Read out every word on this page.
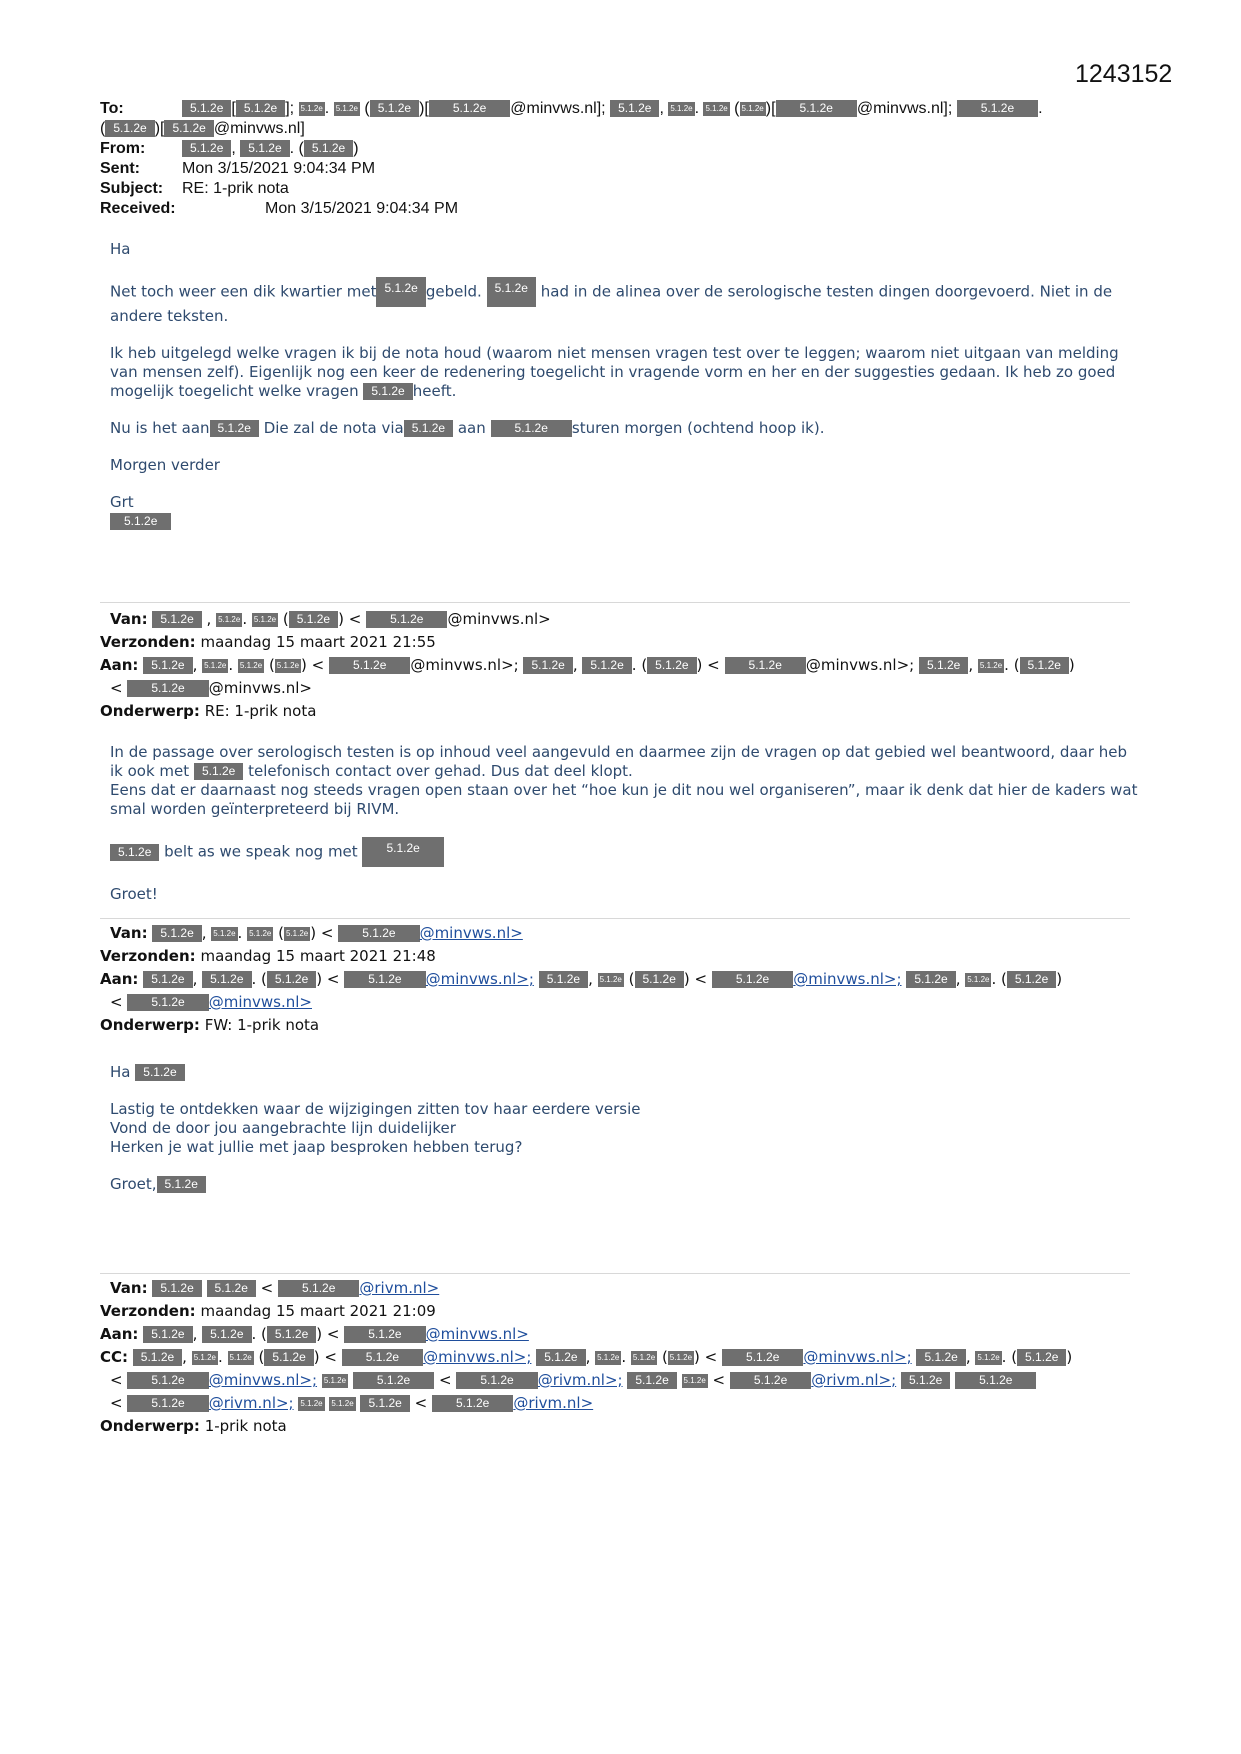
1243152
To:	5.1.2e [ 5.1.2e ]; 5.1.2e . 5.1.2e ( 5.1.2e )[ 5.1.2e @minvws.nl]; 5.1.2e , 5.1.2e . 5.1.2e ( 5.1.2e )[ 5.1.2e @minvws.nl]; 5.1.2e .
( 5.1.2e )[ 5.1.2e @minvws.nl]
From:	5.1.2e , 5.1.2e . ( 5.1.2e )
Sent:	Mon 3/15/2021 9:04:34 PM
Subject: RE: 1-prik nota
Received:	Mon 3/15/2021 9:04:34 PM

Ha

Net toch weer een dik kwartier met 5.1.2e gebeld. 5.1.2e had in de alinea over de serologische testen dingen doorgevoerd. Niet in de andere teksten.

Ik heb uitgelegd welke vragen ik bij de nota houd (waarom niet mensen vragen test over te leggen; waarom niet uitgaan van melding van mensen zelf). Eigenlijk nog een keer de redenering toegelicht in vragende vorm en her en der suggesties gedaan. Ik heb zo goed mogelijk toegelicht welke vragen 5.1.2e heeft.

Nu is het aan 5.1.2e Die zal de nota via 5.1.2e aan 5.1.2e sturen morgen (ochtend hoop ik).

Morgen verder

Grt
5.1.2e

Van: 5.1.2e , 5.1.2e . 5.1.2e ( 5.1.2e ) < 5.1.2e @minvws.nl>
Verzonden: maandag 15 maart 2021 21:55
Aan: 5.1.2e , 5.1.2e . 5.1.2e ( 5.1.2e ) < 5.1.2e @minvws.nl>; 5.1.2e , 5.1.2e . ( 5.1.2e ) < 5.1.2e @minvws.nl>; 5.1.2e , 5.1.2e . ( 5.1.2e )
< 5.1.2e @minvws.nl>
Onderwerp: RE: 1-prik nota

In de passage over serologisch testen is op inhoud veel aangevuld en daarmee zijn de vragen op dat gebied wel beantwoord, daar heb ik ook met 5.1.2e telefonisch contact over gehad. Dus dat deel klopt.
Eens dat er daarnaast nog steeds vragen open staan over het “hoe kun je dit nou wel organiseren”, maar ik denk dat hier de kaders wat smal worden geïnterpreteerd bij RIVM.

5.1.2e belt as we speak nog met 5.1.2e

Groet!

Van: 5.1.2e , 5.1.2e . 5.1.2e ( 5.1.2e ) < 5.1.2e @minvws.nl>
Verzonden: maandag 15 maart 2021 21:48
Aan: 5.1.2e , 5.1.2e . ( 5.1.2e ) < 5.1.2e @minvws.nl>; 5.1.2e , 5.1.2e ( 5.1.2e ) < 5.1.2e @minvws.nl>; 5.1.2e , 5.1.2e . ( 5.1.2e )
< 5.1.2e @minvws.nl>
Onderwerp: FW: 1-prik nota

Ha 5.1.2e

Lastig te ontdekken waar de wijzigingen zitten tov haar eerdere versie
Vond de door jou aangebrachte lijn duidelijker
Herken je wat jullie met jaap besproken hebben terug?

Groet, 5.1.2e

Van: 5.1.2e 5.1.2e < 5.1.2e @rivm.nl>
Verzonden: maandag 15 maart 2021 21:09
Aan: 5.1.2e , 5.1.2e . ( 5.1.2e ) < 5.1.2e @minvws.nl>
CC: 5.1.2e , 5.1.2e . 5.1.2e ( 5.1.2e ) < 5.1.2e @minvws.nl>; 5.1.2e , 5.1.2e . 5.1.2e ( 5.1.2e ) < 5.1.2e @minvws.nl>; 5.1.2e , 5.1.2e . ( 5.1.2e )
< 5.1.2e @minvws.nl>; 5.1.2e	5.1.2e < 5.1.2e @rivm.nl>; 5.1.2e 5.1.2e < 5.1.2e @rivm.nl>; 5.1.2e	5.1.2e
< 5.1.2e @rivm.nl>; 5.1.2e 5.1.2e 5.1.2e < 5.1.2e @rivm.nl>
Onderwerp: 1-prik nota
